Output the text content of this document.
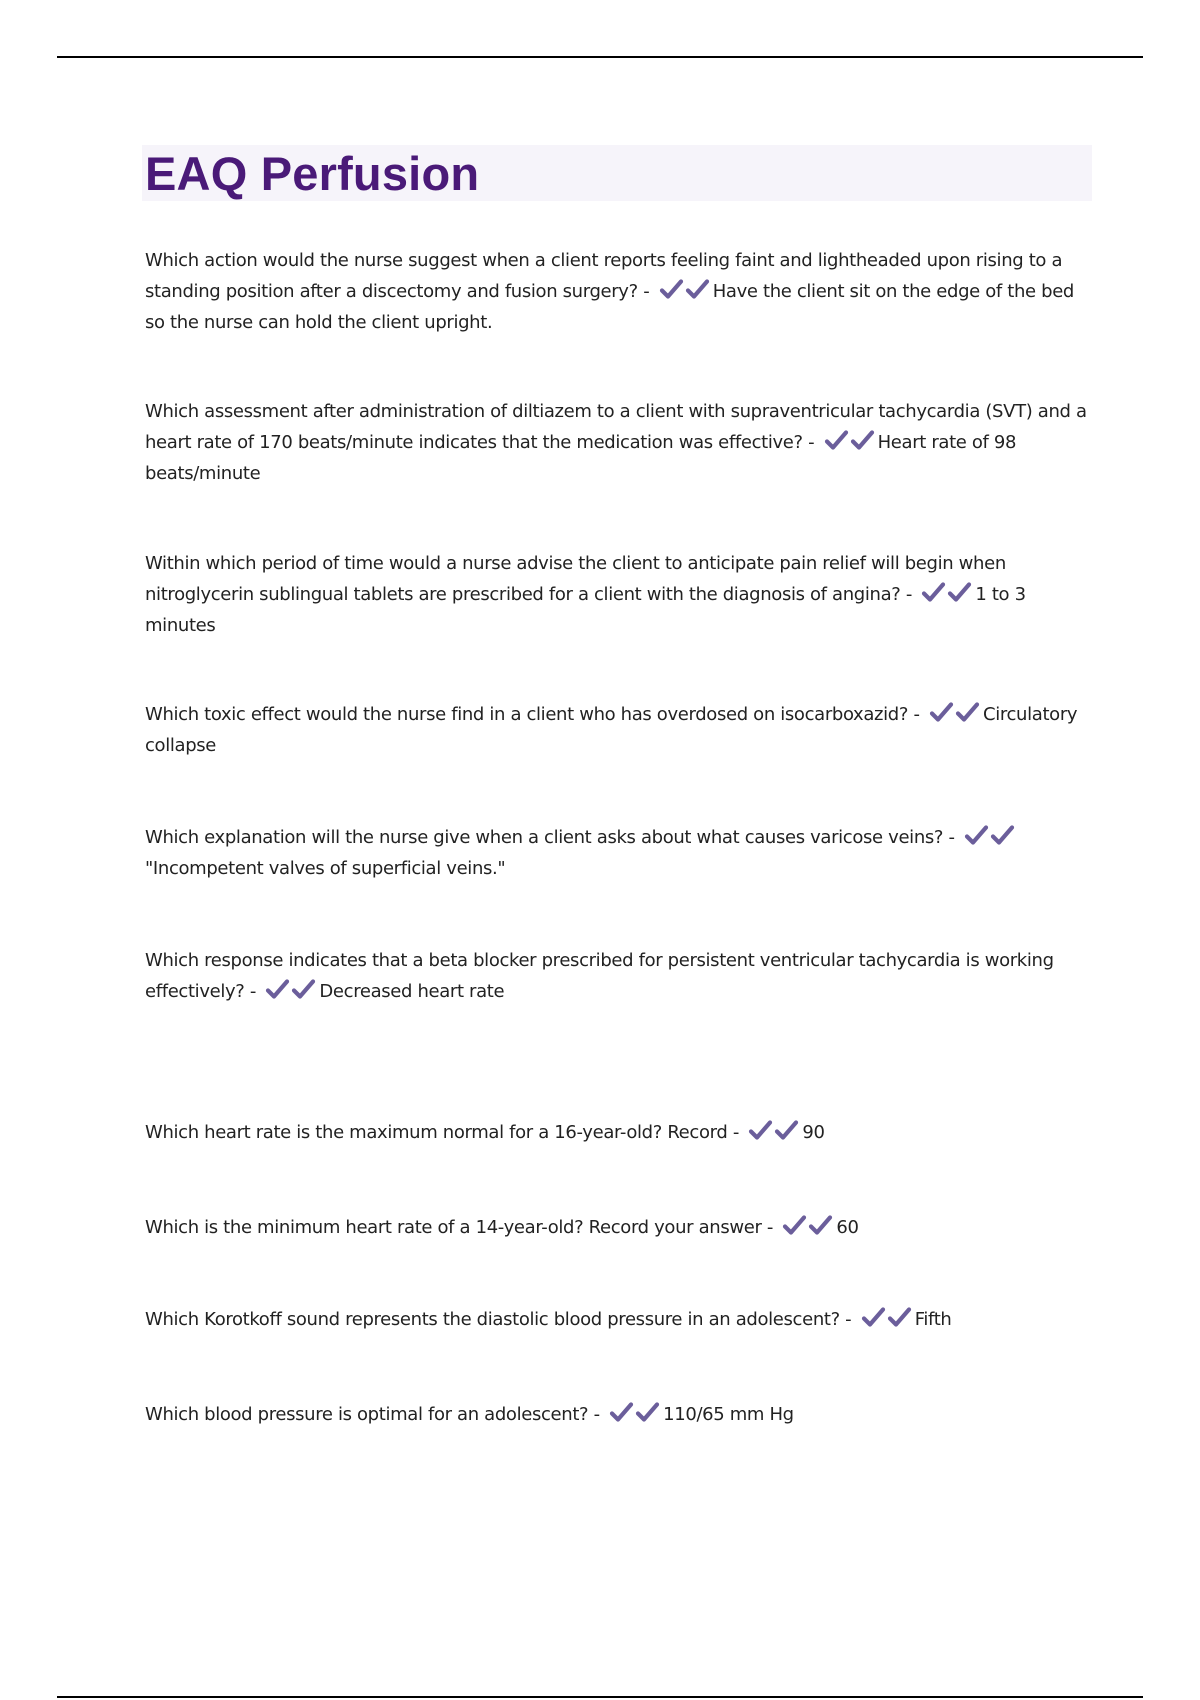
EAQ Perfusion

Which action would the nurse suggest when a client reports feeling faint and lightheaded upon rising to a standing position after a discectomy and fusion surgery? -	Have the client sit on the edge of the bed so the nurse can hold the client upright.

Which assessment after administration of diltiazem to a client with supraventricular tachycardia (SVT) and a heart rate of 170 beats/minute indicates that the medication was effective? -	Heart rate of 98 beats/minute

Within which period of time would a nurse advise the client to anticipate pain relief will begin when nitroglycerin sublingual tablets are prescribed for a client with the diagnosis of angina? -	1 to 3 minutes

Which toxic effect would the nurse find in a client who has overdosed on isocarboxazid? -	Circulatory collapse

Which explanation will the nurse give when a client asks about what causes varicose veins? -
"Incompetent valves of superficial veins."

Which response indicates that a beta blocker prescribed for persistent ventricular tachycardia is working effectively? -	Decreased heart rate

Which heart rate is the maximum normal for a 16-year-old? Record -	90

Which is the minimum heart rate of a 14-year-old? Record your answer -	60

Which Korotkoff sound represents the diastolic blood pressure in an adolescent? -	Fifth

Which blood pressure is optimal for an adolescent? -	110/65 mm Hg
